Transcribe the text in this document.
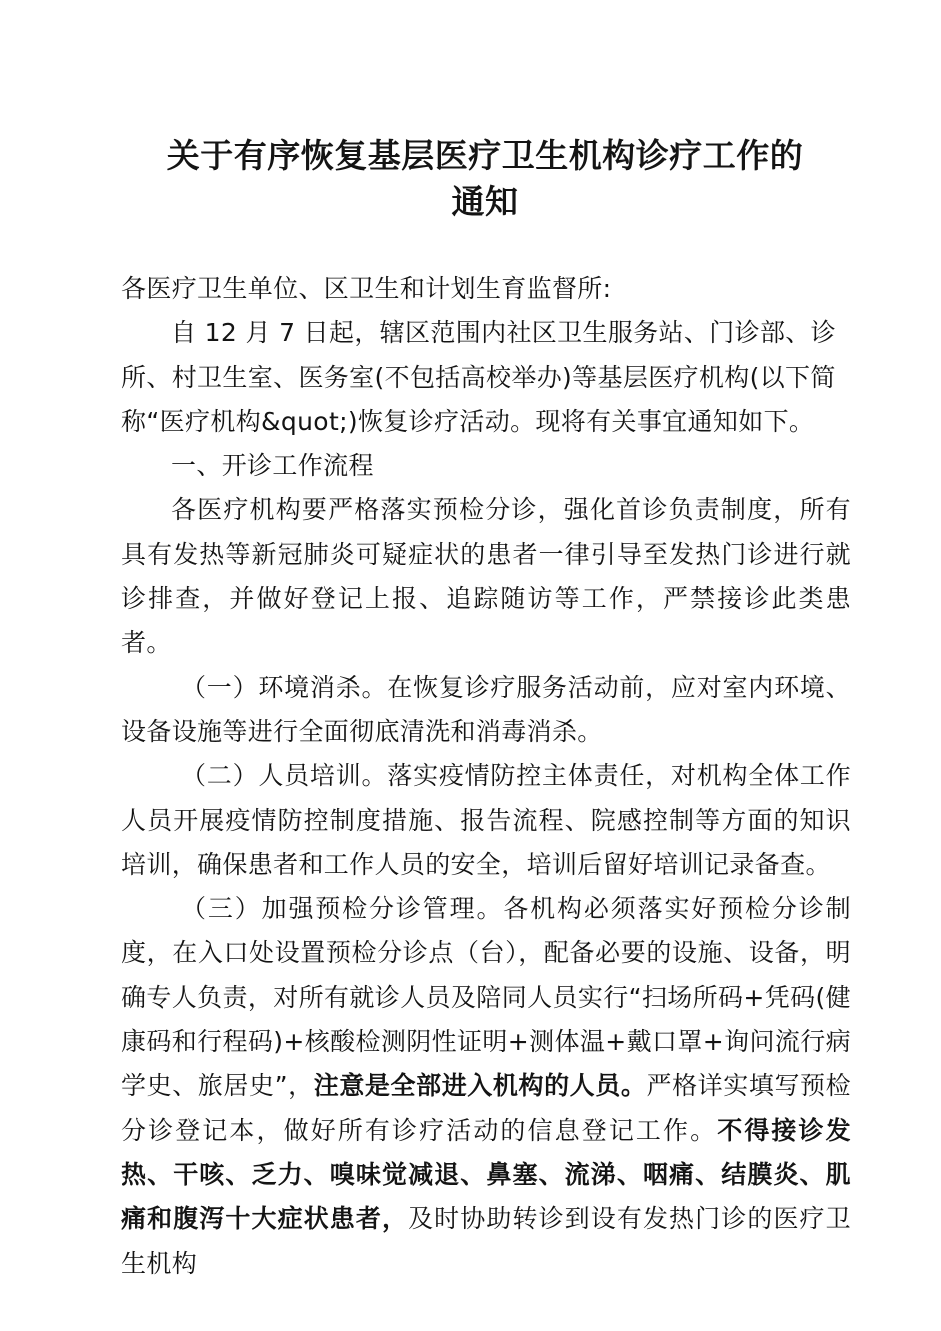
关于有序恢复基层医疗卫生机构诊疗工作的
通知

各医疗卫生单位、区卫生和计划生育监督所:

自 12 月 7 日起，辖区范围内社区卫生服务站、门诊部、诊所、村卫生室、医务室(不包括高校举办)等基层医疗机构(以下简称“医疗机构&quot;)恢复诊疗活动。现将有关事宜通知如下。

一、开诊工作流程

各医疗机构要严格落实预检分诊，强化首诊负责制度，所有具有发热等新冠肺炎可疑症状的患者一律引导至发热门诊进行就诊排查，并做好登记上报、追踪随访等工作，严禁接诊此类患者。

（一）环境消杀。在恢复诊疗服务活动前，应对室内环境、设备设施等进行全面彻底清洗和消毒消杀。

（二）人员培训。落实疫情防控主体责任，对机构全体工作人员开展疫情防控制度措施、报告流程、院感控制等方面的知识培训，确保患者和工作人员的安全，培训后留好培训记录备查。

（三）加强预检分诊管理。各机构必须落实好预检分诊制度，在入口处设置预检分诊点（台），配备必要的设施、设备，明确专人负责，对所有就诊人员及陪同人员实行“扫场所码+凭码(健康码和行程码)+核酸检测阴性证明+测体温+戴口罩+询问流行病学史、旅居史”，注意是全部进入机构的人员。严格详实填写预检分诊登记本，做好所有诊疗活动的信息登记工作。不得接诊发热、干咳、乏力、嗅味觉减退、鼻塞、流涕、咽痛、结膜炎、肌痛和腹泻十大症状患者，及时协助转诊到设有发热门诊的医疗卫生机构
